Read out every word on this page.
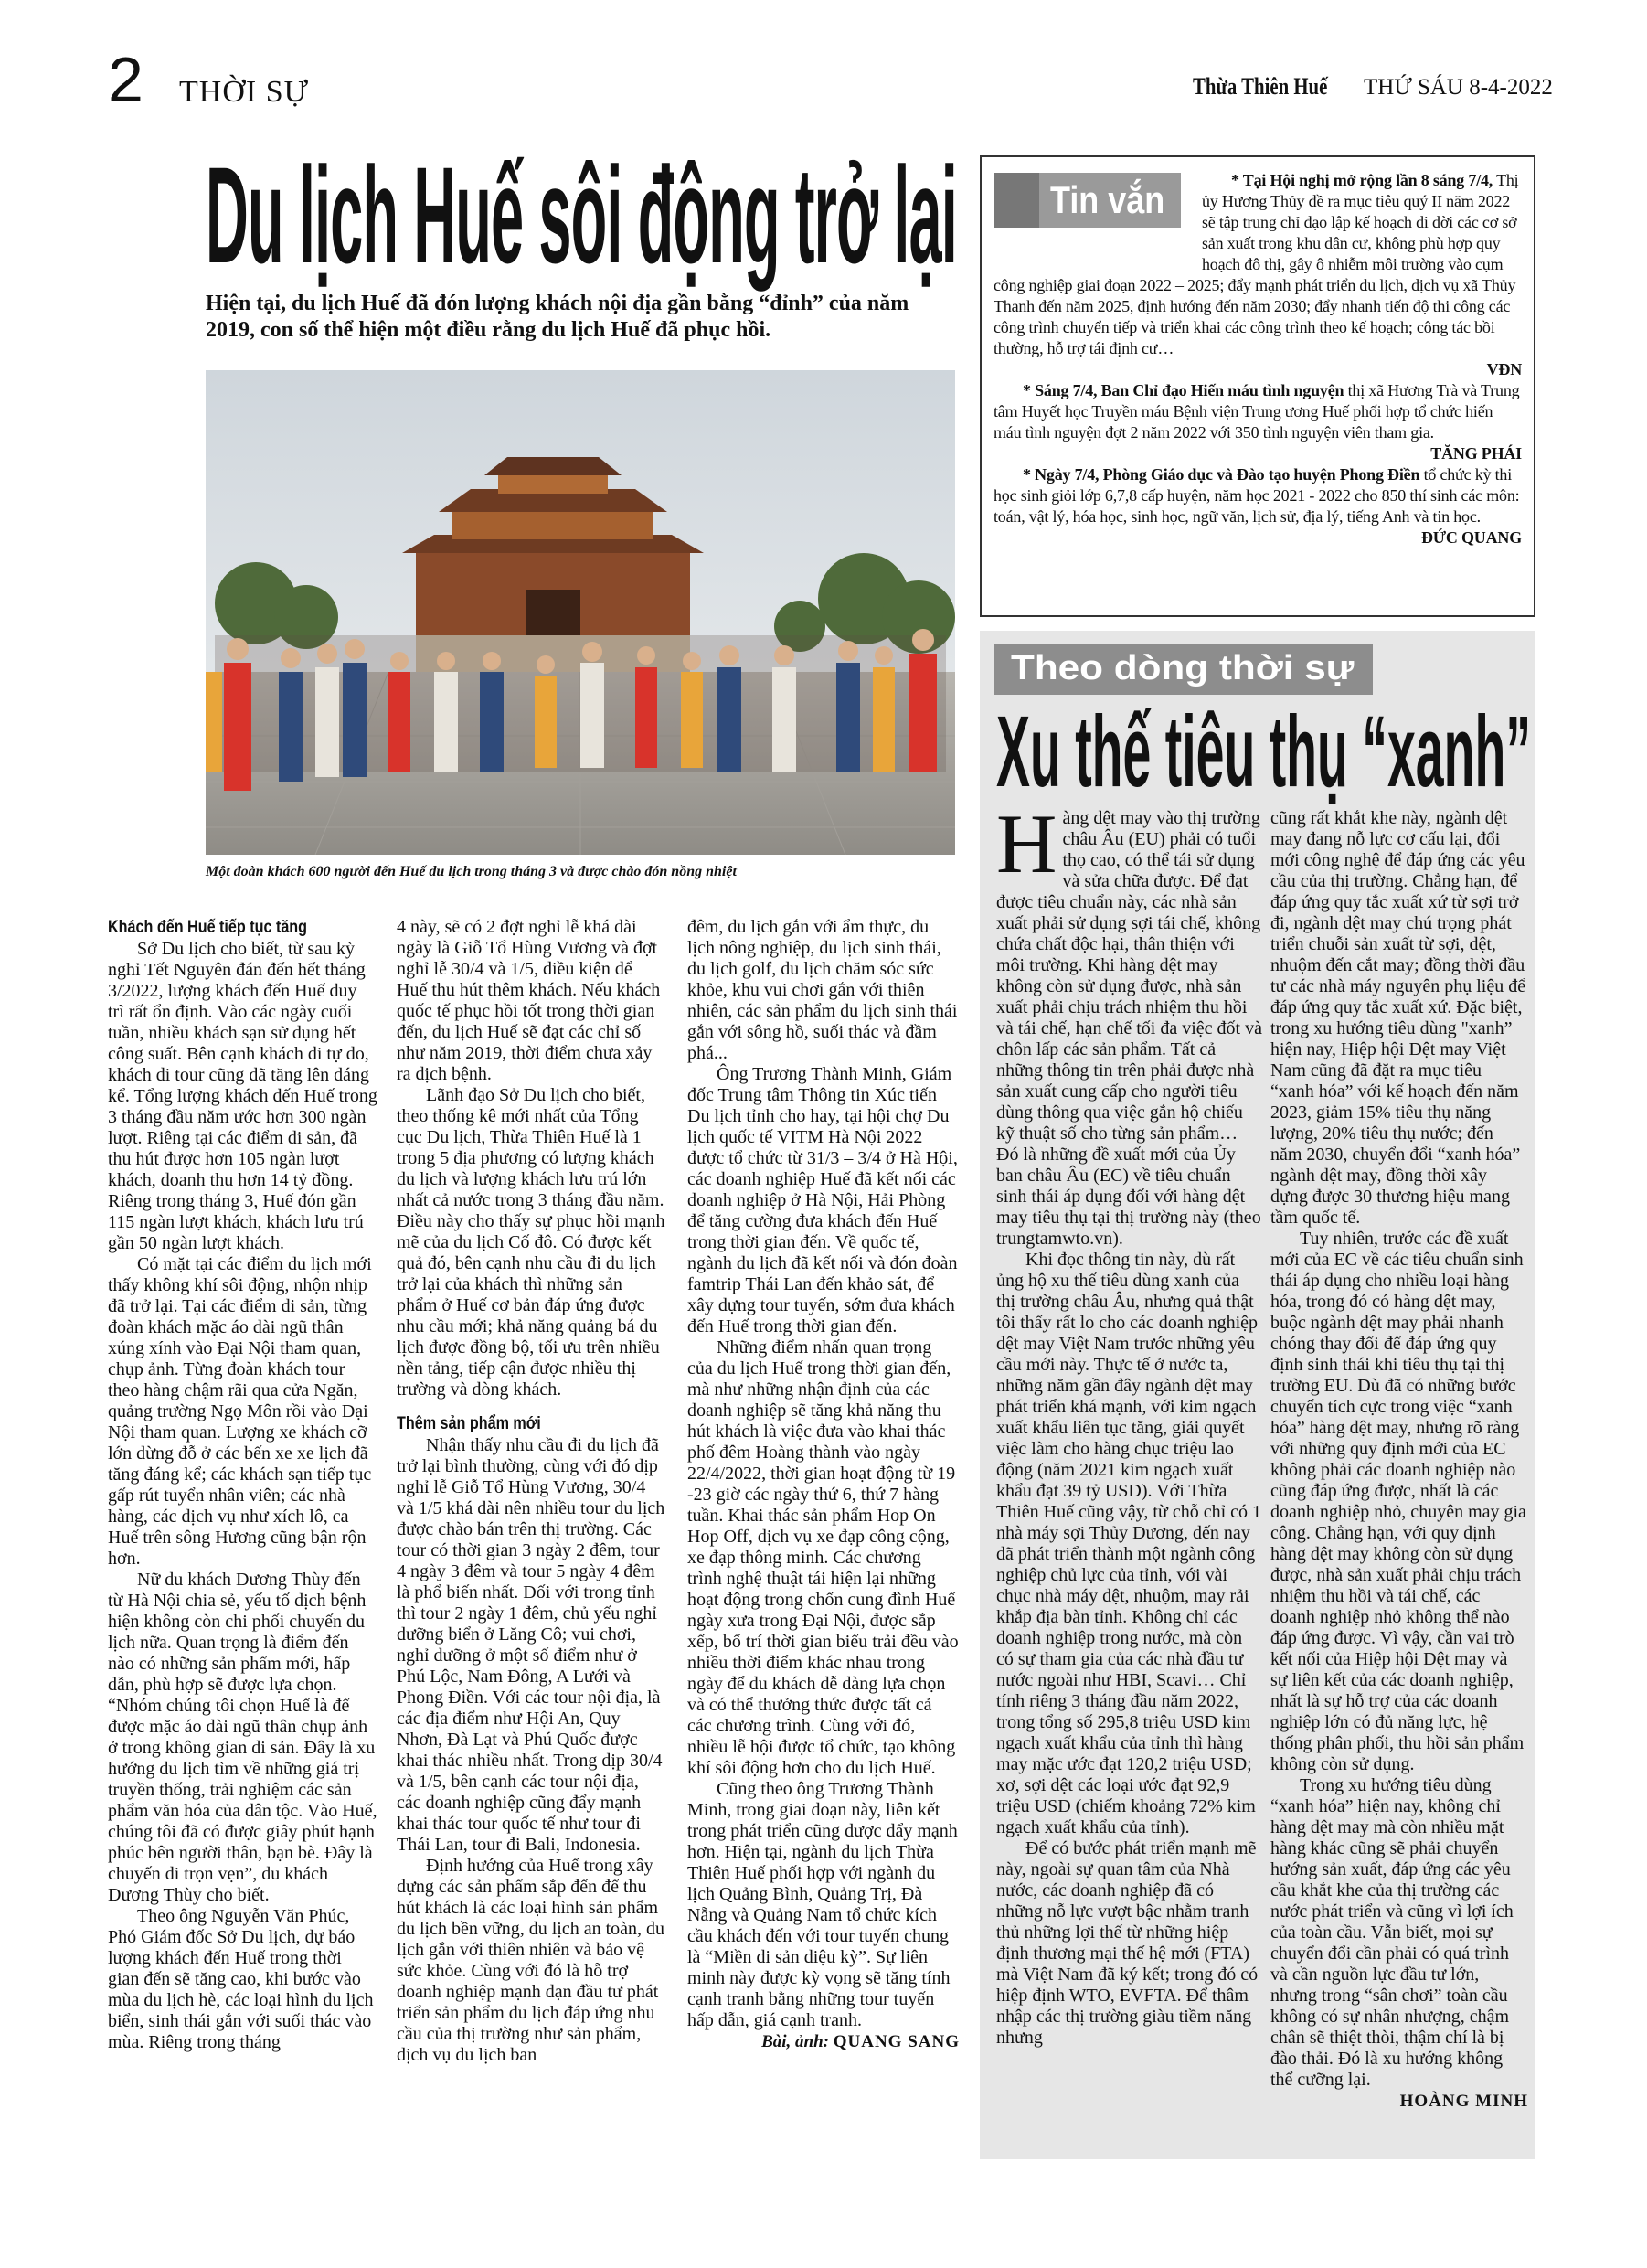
2 THỜI SỰ	Thừa Thiên Huế THỨ SÁU 8-4-2022
Du lịch Huế sôi động trở lại
Hiện tại, du lịch Huế đã đón lượng khách nội địa gần bằng “đỉnh” của năm 2019, con số thể hiện một điều rằng du lịch Huế đã phục hồi.
Một đoàn khách 600 người đến Huế du lịch trong tháng 3 và được chào đón nồng nhiệt
Khách đến Huế tiếp tục tăng

Sở Du lịch cho biết, từ sau kỳ nghỉ Tết Nguyên đán đến hết tháng 3/2022, lượng khách đến Huế duy trì rất ổn định. Vào các ngày cuối tuần, nhiều khách sạn sử dụng hết công suất. Bên cạnh khách đi tự do, khách đi tour cũng đã tăng lên đáng kể. Tổng lượng khách đến Huế trong 3 tháng đầu năm ước hơn 300 ngàn lượt. Riêng tại các điểm di sản, đã thu hút được hơn 105 ngàn lượt khách, doanh thu hơn 14 tỷ đồng. Riêng trong tháng 3, Huế đón gần 115 ngàn lượt khách, khách lưu trú gần 50 ngàn lượt khách.

Có mặt tại các điểm du lịch mới thấy không khí sôi động, nhộn nhịp đã trở lại. Tại các điểm di sản, từng đoàn khách mặc áo dài ngũ thân xúng xính vào Đại Nội tham quan, chụp ảnh. Từng đoàn khách tour theo hàng chậm rãi qua cửa Ngăn, quảng trường Ngọ Môn rồi vào Đại Nội tham quan. Lượng xe khách cỡ lớn dừng đỗ ở các bến xe xe lịch đã tăng đáng kể; các khách sạn tiếp tục gấp rút tuyển nhân viên; các nhà hàng, các dịch vụ như xích lô, ca Huế trên sông Hương cũng bận rộn hơn.

Nữ du khách Dương Thùy đến từ Hà Nội chia sẻ, yếu tố dịch bệnh hiện không còn chi phối chuyến du lịch nữa. Quan trọng là điểm đến nào có những sản phẩm mới, hấp dẫn, phù hợp sẽ được lựa chọn. “Nhóm chúng tôi chọn Huế là để được mặc áo dài ngũ thân chụp ảnh ở trong không gian di sản. Đây là xu hướng du lịch tìm về những giá trị truyền thống, trải nghiệm các sản phẩm văn hóa của dân tộc. Vào Huế, chúng tôi đã có được giây phút hạnh phúc bên người thân, bạn bè. Đây là chuyến đi trọn vẹn”, du khách Dương Thùy cho biết.

Theo ông Nguyễn Văn Phúc, Phó Giám đốc Sở Du lịch, dự báo lượng khách đến Huế trong thời gian đến sẽ tăng cao, khi bước vào mùa du lịch hè, các loại hình du lịch biển, sinh thái gắn với suối thác vào mùa. Riêng trong tháng

4 này, sẽ có 2 đợt nghỉ lễ khá dài ngày là Giỗ Tổ Hùng Vương và đợt nghỉ lễ 30/4 và 1/5, điều kiện để Huế thu hút thêm khách. Nếu khách quốc tế phục hồi tốt trong thời gian đến, du lịch Huế sẽ đạt các chỉ số như năm 2019, thời điểm chưa xảy ra dịch bệnh.

Lãnh đạo Sở Du lịch cho biết, theo thống kê mới nhất của Tổng cục Du lịch, Thừa Thiên Huế là 1 trong 5 địa phương có lượng khách du lịch và lượng khách lưu trú lớn nhất cả nước trong 3 tháng đầu năm. Điều này cho thấy sự phục hồi mạnh mẽ của du lịch Cố đô. Có được kết quả đó, bên cạnh nhu cầu đi du lịch trở lại của khách thì những sản phẩm ở Huế cơ bản đáp ứng được nhu cầu mới; khả năng quảng bá du lịch được đồng bộ, tối ưu trên nhiều nền tảng, tiếp cận được nhiều thị trường và dòng khách.

Thêm sản phẩm mới

Nhận thấy nhu cầu đi du lịch đã trở lại bình thường, cùng với đó dịp nghỉ lễ Giỗ Tổ Hùng Vương, 30/4 và 1/5 khá dài nên nhiều tour du lịch được chào bán trên thị trường. Các tour có thời gian 3 ngày 2 đêm, tour 4 ngày 3 đêm và tour 5 ngày 4 đêm là phổ biến nhất. Đối với trong tỉnh thì tour 2 ngày 1 đêm, chủ yếu nghỉ dưỡng biển ở Lăng Cô; vui chơi, nghỉ dưỡng ở một số điểm như ở Phú Lộc, Nam Đông, A Lưới và Phong Điền. Với các tour nội địa, là các địa điểm như Hội An, Quy Nhơn, Đà Lạt và Phú Quốc được khai thác nhiều nhất. Trong dịp 30/4 và 1/5, bên cạnh các tour nội địa, các doanh nghiệp cũng đẩy mạnh khai thác tour quốc tế như tour đi Thái Lan, tour đi Bali, Indonesia.

Định hướng của Huế trong xây dựng các sản phẩm sắp đến để thu hút khách là các loại hình sản phẩm du lịch bền vững, du lịch an toàn, du lịch gắn với thiên nhiên và bảo vệ sức khỏe. Cùng với đó là hỗ trợ doanh nghiệp mạnh dạn đầu tư phát triển sản phẩm du lịch đáp ứng nhu cầu của thị trường như sản phẩm, dịch vụ du lịch ban

đêm, du lịch gắn với ẩm thực, du lịch nông nghiệp, du lịch sinh thái, du lịch golf, du lịch chăm sóc sức khỏe, khu vui chơi gắn với thiên nhiên, các sản phẩm du lịch sinh thái gắn với sông hồ, suối thác và đầm phá...

Ông Trương Thành Minh, Giám đốc Trung tâm Thông tin Xúc tiến Du lịch tỉnh cho hay, tại hội chợ Du lịch quốc tế VITM Hà Nội 2022 được tổ chức từ 31/3 – 3/4 ở Hà Hội, các doanh nghiệp Huế đã kết nối các doanh nghiệp ở Hà Nội, Hải Phòng để tăng cường đưa khách đến Huế trong thời gian đến. Về quốc tế, ngành du lịch đã kết nối và đón đoàn famtrip Thái Lan đến khảo sát, để xây dựng tour tuyến, sớm đưa khách đến Huế trong thời gian đến.

Những điểm nhấn quan trọng của du lịch Huế trong thời gian đến, mà như những nhận định của các doanh nghiệp sẽ tăng khả năng thu hút khách là việc đưa vào khai thác phố đêm Hoàng thành vào ngày 22/4/2022, thời gian hoạt động từ 19 -23 giờ các ngày thứ 6, thứ 7 hàng tuần. Khai thác sản phẩm Hop On – Hop Off, dịch vụ xe đạp công cộng, xe đạp thông minh. Các chương trình nghệ thuật tái hiện lại những hoạt động trong chốn cung đình Huế ngày xưa trong Đại Nội, được sắp xếp, bố trí thời gian biểu trải đều vào nhiều thời điểm khác nhau trong ngày để du khách dễ dàng lựa chọn và có thể thưởng thức được tất cả các chương trình. Cùng với đó, nhiều lễ hội được tổ chức, tạo không khí sôi động hơn cho du lịch Huế.

Cũng theo ông Trương Thành Minh, trong giai đoạn này, liên kết trong phát triển cũng được đẩy mạnh hơn. Hiện tại, ngành du lịch Thừa Thiên Huế phối hợp với ngành du lịch Quảng Bình, Quảng Trị, Đà Nẵng và Quảng Nam tổ chức kích cầu khách đến với tour tuyến chung là “Miền di sản diệu kỳ”. Sự liên minh này được kỳ vọng sẽ tăng tính cạnh tranh bằng những tour tuyến hấp dẫn, giá cạnh tranh.

Bài, ảnh: QUANG SANG

* Tại Hội nghị mở rộng lần 8 sáng 7/4, Thị ủy Hương Thủy đề ra mục tiêu quý II năm 2022 sẽ tập trung chỉ đạo lập kế hoạch di dời các cơ sở sản xuất trong khu dân cư, không phù hợp quy hoạch đô thị, gây ô nhiễm môi trường vào cụm công nghiệp giai đoạn 2022 – 2025; đẩy mạnh phát triển du lịch, dịch vụ xã Thủy Thanh đến năm 2025, định hướng đến năm 2030; đẩy nhanh tiến độ thi công các công trình chuyển tiếp và triển khai các công trình theo kế hoạch; công tác bồi thường, hỗ trợ tái định cư…

VĐN

* Sáng 7/4, Ban Chỉ đạo Hiến máu tình nguyện thị xã Hương Trà và Trung tâm Huyết học Truyền máu Bệnh viện Trung ương Huế phối hợp tổ chức hiến máu tình nguyện đợt 2 năm 2022 với 350 tình nguyện viên tham gia.

TĂNG PHÁI

* Ngày 7/4, Phòng Giáo dục và Đào tạo huyện Phong Điền tổ chức kỳ thi học sinh giỏi lớp 6,7,8 cấp huyện, năm học 2021 - 2022 cho 850 thí sinh các môn: toán, vật lý, hóa học, sinh học, ngữ văn, lịch sử, địa lý, tiếng Anh và tin học.

ĐỨC QUANG

Tin vắn
Theo dòng thời sự
Xu thế tiêu thụ “xanh”
H àng dệt may vào thị trường châu Âu (EU) phải có tuổi thọ cao, có thể tái sử dụng và sửa chữa được. Để đạt được tiêu chuẩn này, các nhà sản xuất phải sử dụng sợi tái chế, không chứa chất độc hại, thân thiện với môi trường. Khi hàng dệt may không còn sử dụng được, nhà sản xuất phải chịu trách nhiệm thu hồi và tái chế, hạn chế tối đa việc đốt và chôn lấp các sản phẩm. Tất cả những thông tin trên phải được nhà sản xuất cung cấp cho người tiêu dùng thông qua việc gắn hộ chiếu kỹ thuật số cho từng sản phẩm… Đó là những đề xuất mới của Ủy ban châu Âu (EC) về tiêu chuẩn sinh thái áp dụng đối với hàng dệt may tiêu thụ tại thị trường này (theo trungtamwto.vn).

Khi đọc thông tin này, dù rất ủng hộ xu thế tiêu dùng xanh của thị trường châu Âu, nhưng quả thật tôi thấy rất lo cho các doanh nghiệp dệt may Việt Nam trước những yêu cầu mới này. Thực tế ở nước ta, những năm gần đây ngành dệt may phát triển khá mạnh, với kim ngạch xuất khẩu liên tục tăng, giải quyết việc làm cho hàng chục triệu lao động (năm 2021 kim ngạch xuất khẩu đạt 39 tỷ USD). Với Thừa Thiên Huế cũng vậy, từ chỗ chỉ có 1 nhà máy sợi Thủy Dương, đến nay đã phát triển thành một ngành công nghiệp chủ lực của tỉnh, với vài chục nhà máy dệt, nhuộm, may rải khắp địa bàn tỉnh. Không chỉ các doanh nghiệp trong nước, mà còn có sự tham gia của các nhà đầu tư nước ngoài như HBI, Scavi… Chỉ tính riêng 3 tháng đầu năm 2022, trong tổng số 295,8 triệu USD kim ngạch xuất khẩu của tỉnh thì hàng may mặc ước đạt 120,2 triệu USD; xơ, sợi dệt các loại ước đạt 92,9 triệu USD (chiếm khoảng 72% kim ngạch xuất khẩu của tỉnh).

Để có bước phát triển mạnh mẽ này, ngoài sự quan tâm của Nhà nước, các doanh nghiệp đã có những nỗ lực vượt bậc nhằm tranh thủ những lợi thế từ những hiệp định thương mại thế hệ mới (FTA) mà Việt Nam đã ký kết; trong đó có hiệp định WTO, EVFTA. Để thâm nhập các thị trường giàu tiềm năng nhưng

cũng rất khắt khe này, ngành dệt may đang nỗ lực cơ cấu lại, đổi mới công nghệ để đáp ứng các yêu cầu của thị trường. Chẳng hạn, để đáp ứng quy tắc xuất xứ từ sợi trở đi, ngành dệt may chú trọng phát triển chuỗi sản xuất từ sợi, dệt, nhuộm đến cắt may; đồng thời đầu tư các nhà máy nguyên phụ liệu để đáp ứng quy tắc xuất xứ. Đặc biệt, trong xu hướng tiêu dùng "xanh” hiện nay, Hiệp hội Dệt may Việt Nam cũng đã đặt ra mục tiêu “xanh hóa” với kế hoạch đến năm 2023, giảm 15% tiêu thụ năng lượng, 20% tiêu thụ nước; đến năm 2030, chuyển đổi “xanh hóa” ngành dệt may, đồng thời xây dựng được 30 thương hiệu mang tầm quốc tế.

Tuy nhiên, trước các đề xuất mới của EC về các tiêu chuẩn sinh thái áp dụng cho nhiều loại hàng hóa, trong đó có hàng dệt may, buộc ngành dệt may phải nhanh chóng thay đổi để đáp ứng quy định sinh thái khi tiêu thụ tại thị trường EU. Dù đã có những bước chuyển tích cực trong việc “xanh hóa” hàng dệt may, nhưng rõ ràng với những quy định mới của EC không phải các doanh nghiệp nào cũng đáp ứng được, nhất là các doanh nghiệp nhỏ, chuyên may gia công. Chẳng hạn, với quy định hàng dệt may không còn sử dụng được, nhà sản xuất phải chịu trách nhiệm thu hồi và tái chế, các doanh nghiệp nhỏ không thể nào đáp ứng được. Vì vậy, cần vai trò kết nối của Hiệp hội Dệt may và sự liên kết của các doanh nghiệp, nhất là sự hỗ trợ của các doanh nghiệp lớn có đủ năng lực, hệ thống phân phối, thu hồi sản phẩm không còn sử dụng.

Trong xu hướng tiêu dùng “xanh hóa” hiện nay, không chỉ hàng dệt may mà còn nhiều mặt hàng khác cũng sẽ phải chuyển hướng sản xuất, đáp ứng các yêu cầu khắt khe của thị trường các nước phát triển và cũng vì lợi ích của toàn cầu. Vẫn biết, mọi sự chuyển đổi cần phải có quá trình và cần nguồn lực đầu tư lớn, nhưng trong “sân chơi” toàn cầu không có sự nhân nhượng, chậm chân sẽ thiệt thòi, thậm chí là bị đào thải. Đó là xu hướng không thể cưỡng lại.

HOÀNG MINH
